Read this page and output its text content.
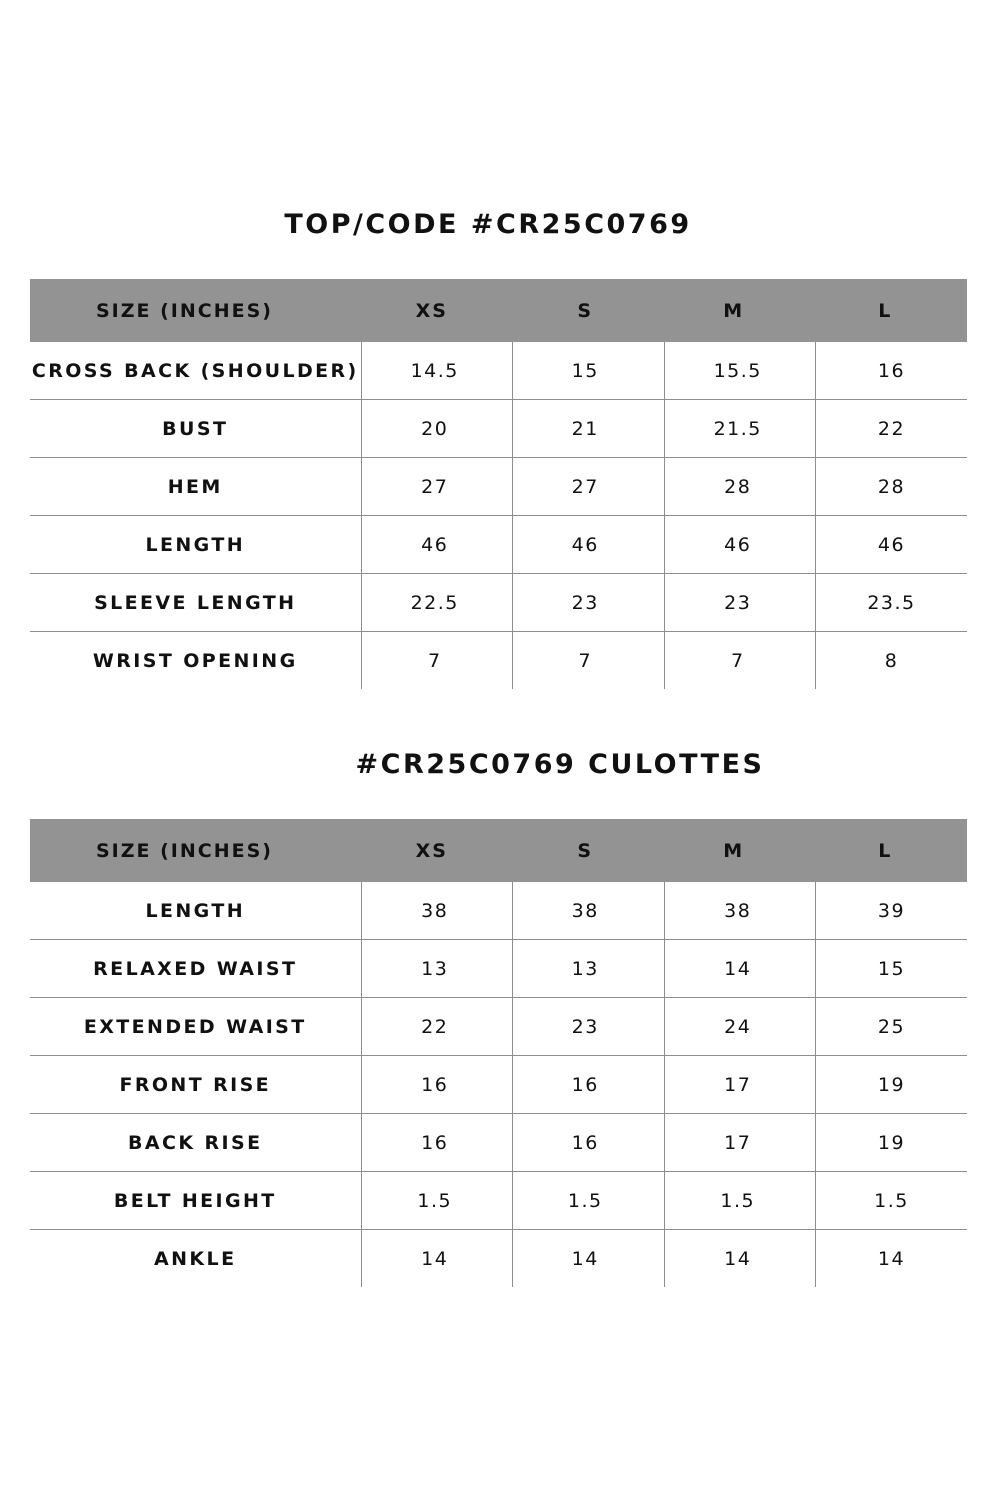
TOP/CODE #CR25C0769
SIZE (INCHES)	XS	S	M	L
CROSS BACK (SHOULDER)	14.5	15	15.5	16
BUST	20	21	21.5	22
HEM	27	27	28	28
LENGTH	46	46	46	46
SLEEVE LENGTH	22.5	23	23	23.5
WRIST OPENING	7	7	7	8
#CR25C0769 CULOTTES
SIZE (INCHES)	XS	S	M	L
LENGTH	38	38	38	39
RELAXED WAIST	13	13	14	15
EXTENDED WAIST	22	23	24	25
FRONT RISE	16	16	17	19
BACK RISE	16	16	17	19
BELT HEIGHT	1.5	1.5	1.5	1.5
ANKLE	14	14	14	14
